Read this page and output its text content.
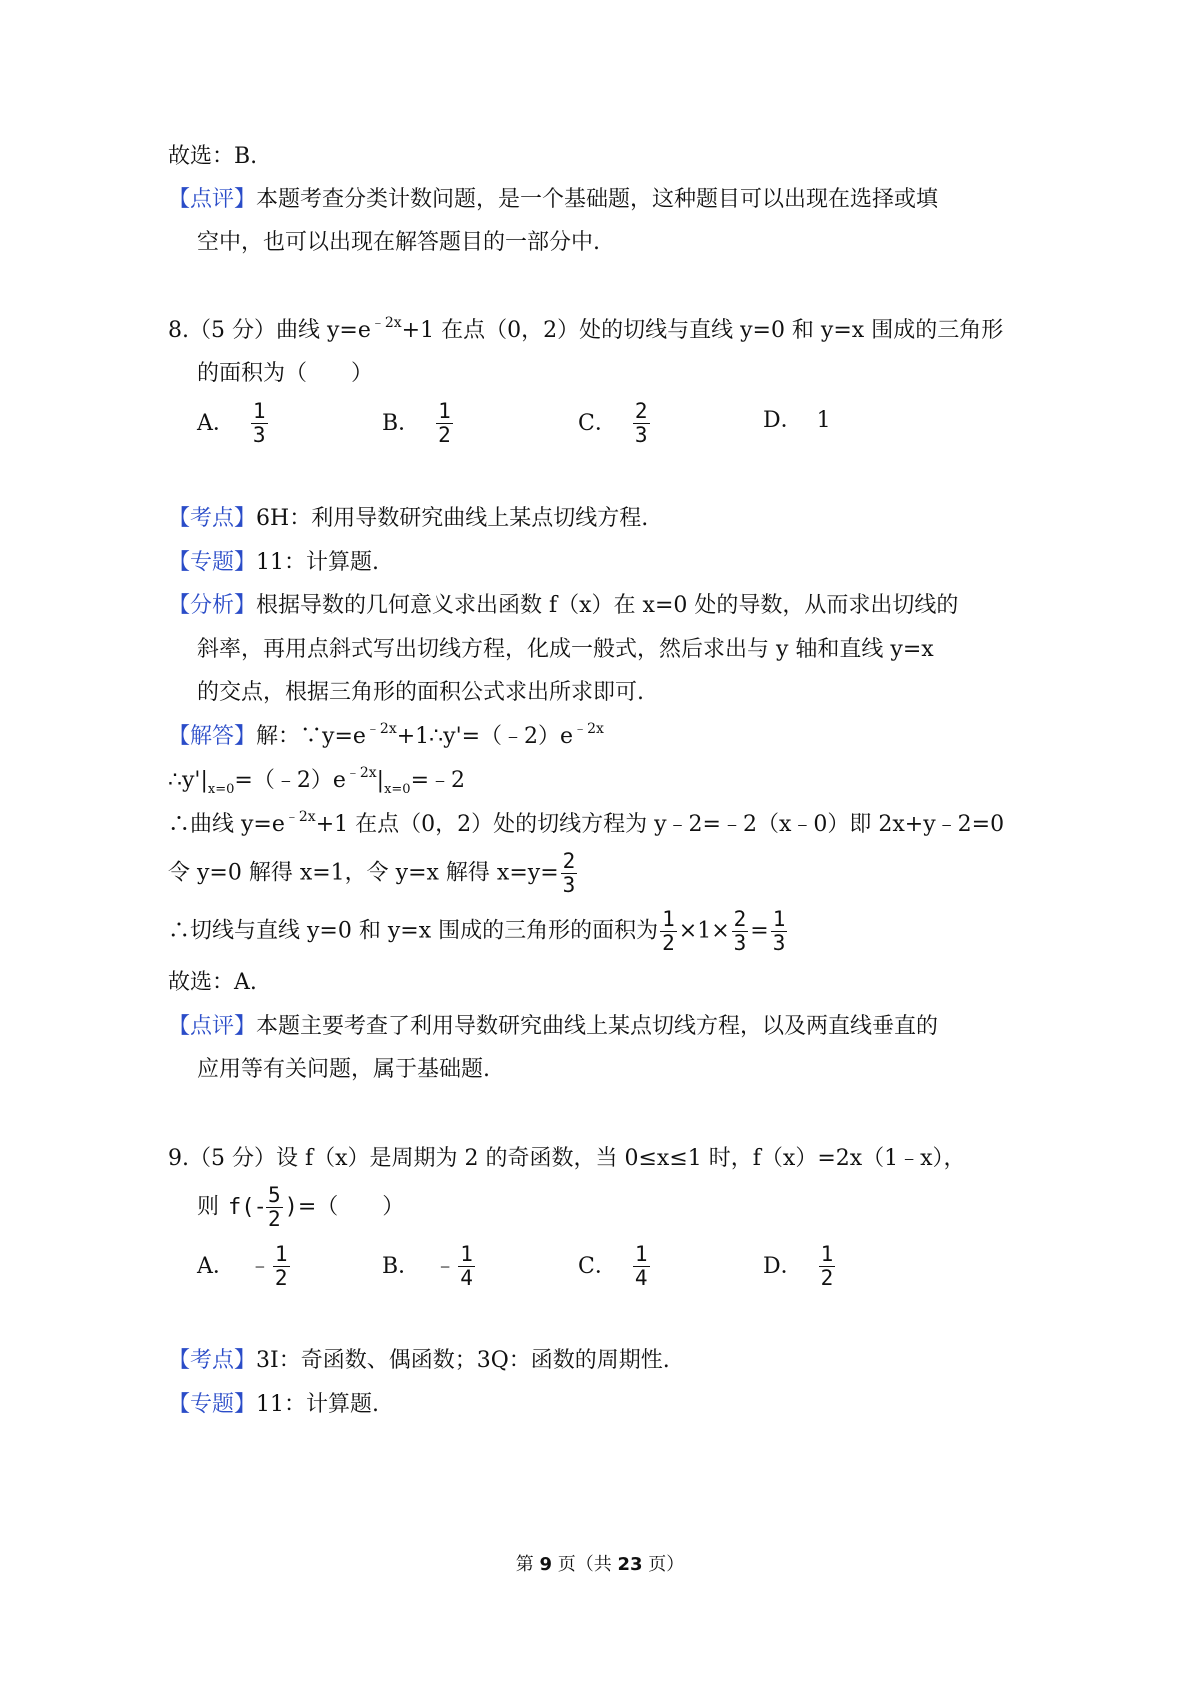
故选：B.
【点评】本题考查分类计数问题，是一个基础题，这种题目可以出现在选择或填
空中，也可以出现在解答题目的一部分中.
8.（5 分）曲线 $y=e^{﹣2x}+1$ 在点（0，2）处的切线与直线 y=0 和 y=x 围成的三角形
的面积为（　　）
A． $\frac{1}{3}$	B． $\frac{1}{2}$	C． $\frac{2}{3}$	D． 1
【考点】6H：利用导数研究曲线上某点切线方程.
【专题】11：计算题.
【分析】根据导数的几何意义求出函数 f（x）在 x=0 处的导数，从而求出切线的
斜率，再用点斜式写出切线方程，化成一般式，然后求出与 y 轴和直线 y=x
的交点，根据三角形的面积公式求出所求即可.
【解答】解：$\because y=e^{﹣2x}+1\therefore y'=(﹣2)e^{﹣2x}$
$\therefore y'|_{x=0}=(﹣2)e^{﹣2x}|_{x=0}=﹣2$
∴曲线 $y=e^{﹣2x}+1$ 在点（0，2）处的切线方程为 y﹣2=﹣2（x﹣0）即 2x+y﹣2=0
令 y=0 解得 x=1，令 y=x 解得 $x=y= \frac{2}{3}$
∴切线与直线 y=0 和 y=x 围成的三角形的面积为 $\frac{1}{2} \times 1\times \frac{2}{3} = \frac{1}{3}$
故选：A.
【点评】本题主要考查了利用导数研究曲线上某点切线方程，以及两直线垂直的
应用等有关问题，属于基础题.
9.（5 分）设 f（x）是周期为 2 的奇函数，当 0≤x≤1 时，f（x）=2x（1﹣x），
则 $f(- \frac{5}{2}$ )=（　　）
A． ﹣ $\frac{1}{2}$	B． ﹣ $\frac{1}{4}$	C． $\frac{1}{4}$	D． $\frac{1}{2}$
【考点】3I：奇函数、偶函数；3Q：函数的周期性.
【专题】11：计算题.
第 9 页（共 23 页）
